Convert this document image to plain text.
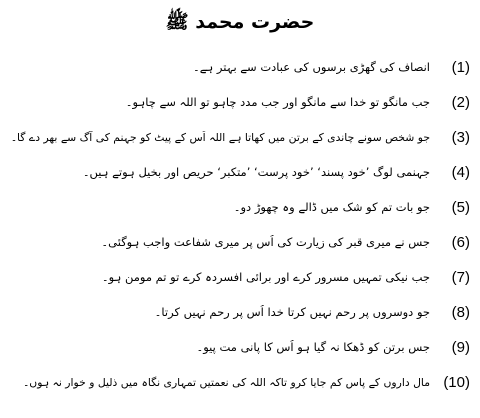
حضرت محمد ﷺ
(1)
انصاف کی گھڑی برسوں کی عبادت سے بہتر ہے۔
(2)
جب مانگو تو خدا سے مانگو اور جب مدد چاہو تو اللہ سے چاہو۔
(3)
جو شخص سونے چاندی کے برتن میں کھاتا ہے اللہ اُس کے پیٹ کو جہنم کی آگ سے بھر دے گا۔
(4)
جہنمی لوگ ’خود پسند‘ ’خود پرست‘ ’متکبر‘ حریص اور بخیل ہوتے ہیں۔
(5)
جو بات تم کو شک میں ڈالے وہ چھوڑ دو۔
(6)
جس نے میری قبر کی زیارت کی اُس پر میری شفاعت واجب ہوگئی۔
(7)
جب نیکی تمہیں مسرور کرے اور برائی افسردہ کرے تو تم مومن ہو۔
(8)
جو دوسروں پر رحم نہیں کرتا خدا اُس پر رحم نہیں کرتا۔
(9)
جس برتن کو ڈھکا نہ گیا ہو اُس کا پانی مت پیو۔
(10)
مال داروں کے پاس کم جایا کرو تاکہ اللہ کی نعمتیں تمہاری نگاہ میں ذلیل و خوار نہ ہوں۔
